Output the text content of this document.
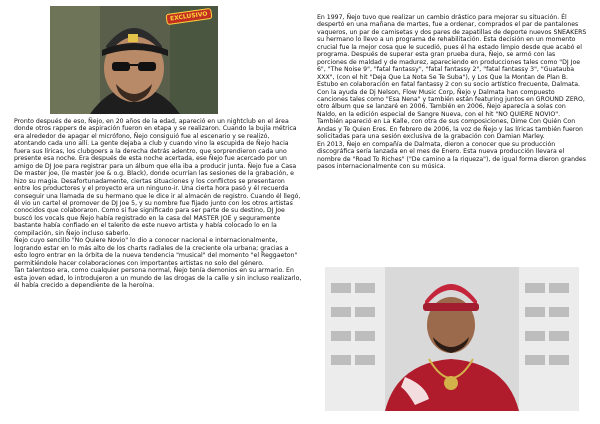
EXCLUSIVO

Pronto después de eso, Ñejo, en 20 años de la edad, apareció en un nightclub en el área donde otros rappers de aspiración fueron en etapa y se realizaron. Cuando la bujía métrica era alrededor de apagar el micrófono, Ñejo consiguió fue al escenario y se realizó, atontando cada uno allí. La gente dejaba a club y cuando vino la escupida de Ñejo hacia fuera sus líricas, los clubgoers a la derecha detrás adentro, que sorprendieron cada uno presente esa noche. Era después de esta noche acertada, ese Ñejo fue acercado por un amigo de DJ Joe para registrar para un álbum que ella iba a producir junta. Ñejo fue a Casa De master joe, (le master Joe & o.g. Black), donde ocurrían las sesiones de la grabación, e hizo su magia. Desafortunadamente, ciertas situaciones y los conflictos se presentaron entre los productores y el proyecto era un ninguno-ir. Una cierta hora pasó y él recuerda conseguir una llamada de su hermano que le dice ir al almacén de registro. Cuando él llegó, él vio un cartel el promover de DJ Joe 5, y su nombre fue fijado junto con los otros artistas conocidos que colaboraron. Como si fue significado para ser parte de su destino, DJ Joe buscó los vocals que Ñejo había registrado en la casa del MASTER JOE y seguramente bastante había confiado en el talento de este nuevo artista y había colocado lo en la compilación, sin Ñejo incluso saberlo.

Ñejo cuyo sencillo "No Quiere Novio" lo dio a conocer nacional e internacionalmente, logrando estar en lo más alto de los charts radiales de la creciente ola urbana; gracias a esto logro entrar en la órbita de la nueva tendencia "musical" del momento "el Reggaeton" permitiéndole hacer colaboraciones con importantes artistas no solo del género.

Tan talentoso era, como cualquier persona normal, Ñejo tenía demonios en su armario. En esta joven edad, lo introdujeron a un mundo de las drogas de la calle y sin incluso realizarlo, él había crecido a dependiente de la heroína.

En 1997, Ñejo tuvo que realizar un cambio drástico para mejorar su situación. Él despertó en una mañana de martes, fue a ordenar, comprados el par de pantalones vaqueros, un par de camisetas y dos pares de zapatillas de deporte nuevos SNEAKERS su hermano lo llevo a un programa de rehabilitación. Esta decisión en un momento crucial fue la mejor cosa que le sucedió, pues él ha estado limpio desde que acabó el programa. Después de superar esta gran prueba dura, Ñejo, se armó con las porciones de maldad y de madurez, apareciendo en producciones tales como "DJ Joe 6", "The Noise 9", "fatal fantassy", "fatal fantassy 2", "fatal fantassy 3", "Guatauba XXX", (con el hit "Deja Que La Nota Se Te Suba"), y Los Que la Montan de Plan B. Estubo en colaboración en fatal fantassy 2 con su socio artístico frecuente, Dalmata. Con la ayuda de Dj Nelson, Flow Music Corp, Ñejo y Dalmata han compuesto canciones tales como "Esa Nena" y también están featuring juntos en GROUND ZERO, otro álbum que se lanzaré en 2006. También en 2006, Ñejo aparecía a solas con Naldo, en la edición especial de Sangre Nueva, con el hit "NO QUIERE NOVIO". También apareció en La Kalle, con otra de sus composiciones, Dime Con Quién Con Andas y Te Quien Eres. En febrero de 2006, la voz de Ñejo y las líricas también fueron solicitadas para una sesión exclusiva de la grabación con Damian Marley.

En 2013, Ñejo en compañía de Dalmata, dieron a conocer que su producción discográfica sería lanzada en el mes de Enero. Esta nueva producción llevara el nombre de "Road To Riches" ("De camino a la riqueza"), de igual forma dieron grandes pasos internacionalmente con su música.
